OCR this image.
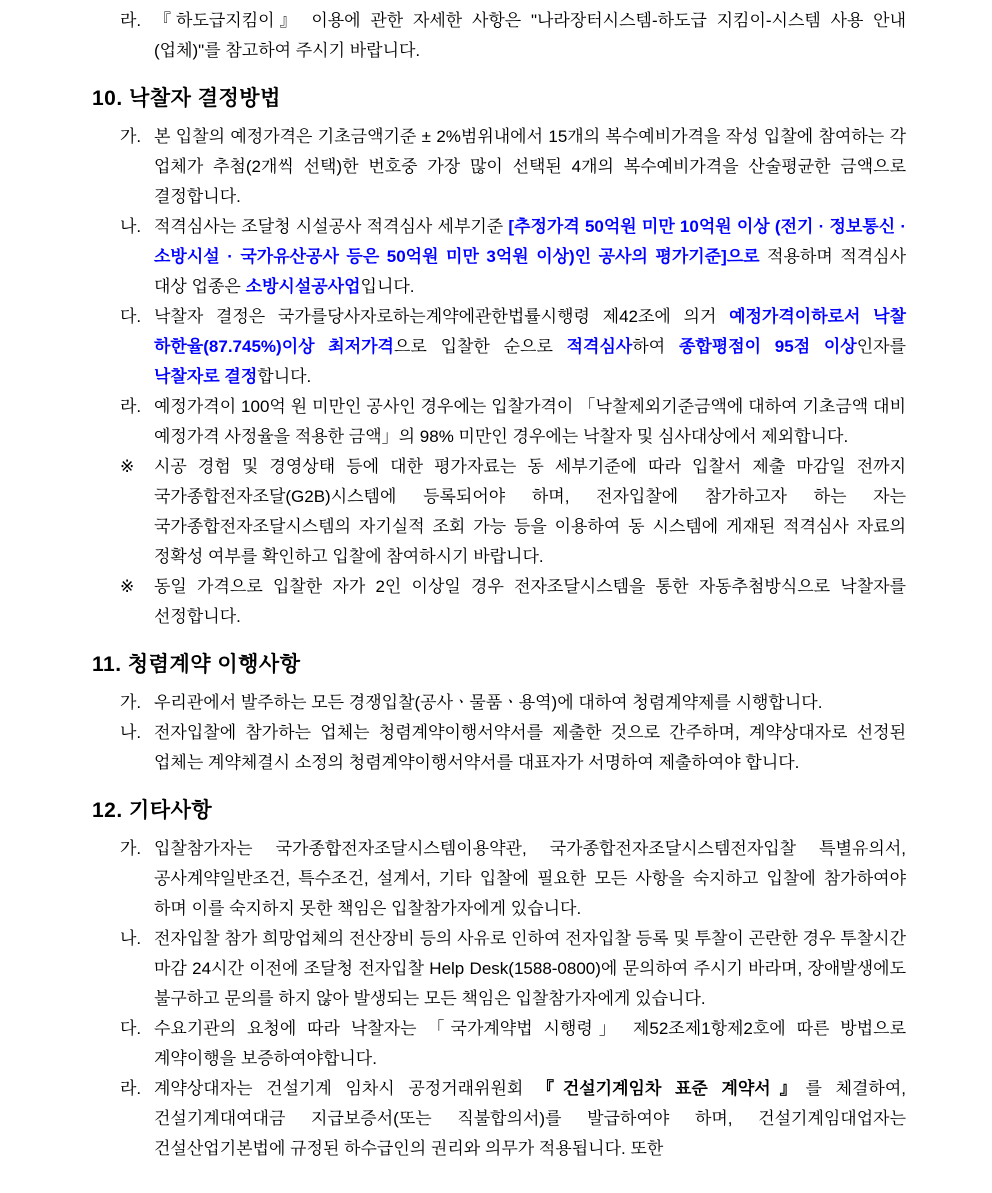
라. 『하도급지킴이』 이용에 관한 자세한 사항은 "나라장터시스템-하도급 지킴이-시스템 사용 안내(업체)"를 참고하여 주시기 바랍니다.
10. 낙찰자 결정방법
가. 본 입찰의 예정가격은 기초금액기준 ± 2%범위내에서 15개의 복수예비가격을 작성 입찰에 참여하는 각 업체가 추첨(2개씩 선택)한 번호중 가장 많이 선택된 4개의 복수예비가격을 산술평균한 금액으로 결정합니다.
나. 적격심사는 조달청 시설공사 적격심사 세부기준 [추정가격 50억원 미만 10억원 이상 (전기 · 정보통신 · 소방시설 · 국가유산공사 등은 50억원 미만 3억원 이상)인 공사의 평가기준]으로 적용하며 적격심사 대상 업종은 소방시설공사업입니다.
다. 낙찰자 결정은 국가를당사자로하는계약에관한법률시행령 제42조에 의거 예정가격이하로서 낙찰 하한율(87.745%)이상 최저가격으로 입찰한 순으로 적격심사하여 종합평점이 95점 이상인자를 낙찰자로 결정합니다.
라. 예정가격이 100억 원 미만인 공사인 경우에는 입찰가격이 「낙찰제외기준금액에 대하여 기초금액 대비 예정가격 사정율을 적용한 금액」의 98% 미만인 경우에는 낙찰자 및 심사대상에서 제외합니다.
※	시공 경험 및 경영상태 등에 대한 평가자료는 동 세부기준에 따라 입찰서 제출 마감일 전까지 국가종합전자조달(G2B)시스템에 등록되어야 하며, 전자입찰에 참가하고자 하는 자는 국가종합전자조달시스템의 자기실적 조회 가능 등을 이용하여 동 시스템에 게재된 적격심사 자료의 정확성 여부를 확인하고 입찰에 참여하시기 바랍니다.
※	동일 가격으로 입찰한 자가 2인 이상일 경우 전자조달시스템을 통한 자동추첨방식으로 낙찰자를 선정합니다.
11. 청렴계약 이행사항
가. 우리관에서 발주하는 모든 경쟁입찰(공사ㆍ물품ㆍ용역)에 대하여 청렴계약제를 시행합니다.
나. 전자입찰에 참가하는 업체는 청렴계약이행서약서를 제출한 것으로 간주하며, 계약상대자로 선정된 업체는 계약체결시 소정의 청렴계약이행서약서를 대표자가 서명하여 제출하여야 합니다.
12. 기타사항
가. 입찰참가자는 국가종합전자조달시스템이용약관, 국가종합전자조달시스템전자입찰 특별유의서, 공사계약일반조건, 특수조건, 설계서, 기타 입찰에 필요한 모든 사항을 숙지하고 입찰에 참가하여야 하며 이를 숙지하지 못한 책임은 입찰참가자에게 있습니다.
나. 전자입찰 참가 희망업체의 전산장비 등의 사유로 인하여 전자입찰 등록 및 투찰이 곤란한 경우 투찰시간 마감 24시간 이전에 조달청 전자입찰 Help Desk(1588-0800)에 문의하여 주시기 바라며, 장애발생에도 불구하고 문의를 하지 않아 발생되는 모든 책임은 입찰참가자에게 있습니다.
다. 수요기관의 요청에 따라 낙찰자는 「국가계약법 시행령」 제52조제1항제2호에 따른 방법으로 계약이행을 보증하여야합니다.
라. 계약상대자는 건설기계 임차시 공정거래위원회 『건설기계임차 표준 계약서』를 체결하여, 건설기계대여대금 지급보증서(또는 직불합의서)를 발급하여야 하며, 건설기계임대업자는 건설산업기본법에 규정된 하수급인의 권리와 의무가 적용됩니다. 또한
